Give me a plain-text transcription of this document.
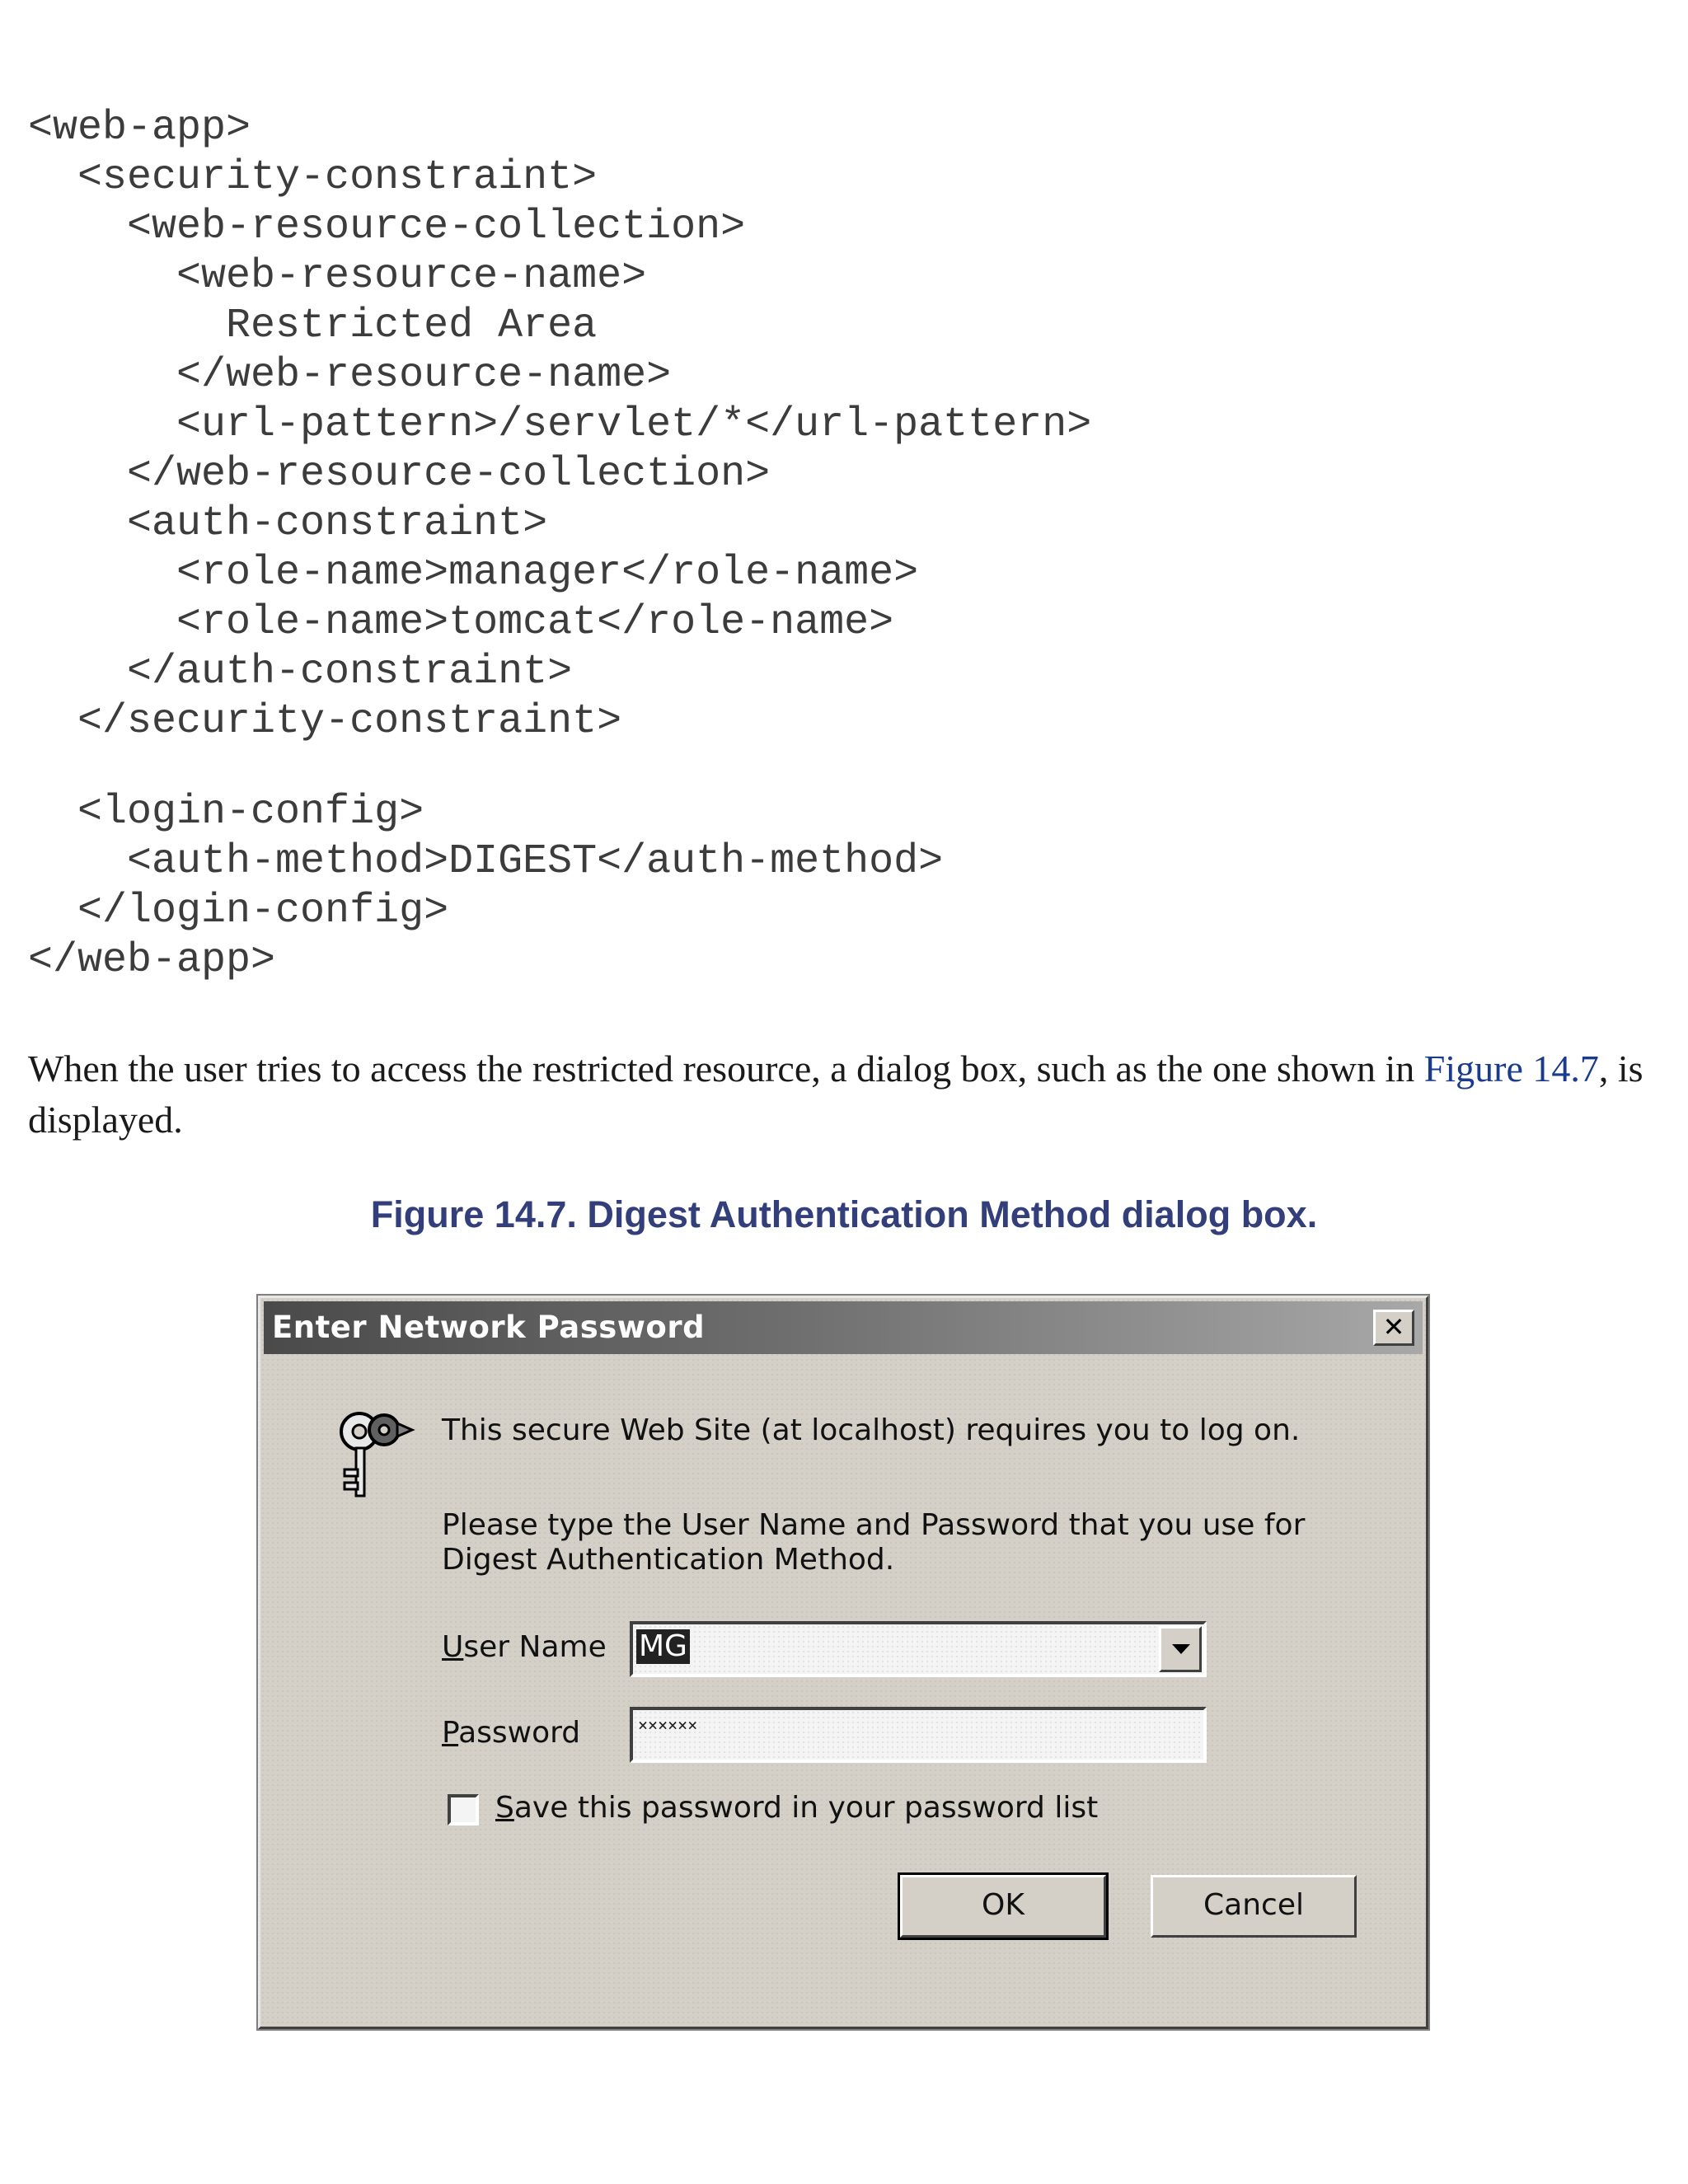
<web-app>
<security-constraint>
<web-resource-collection>
<web-resource-name>
Restricted Area
</web-resource-name>
<url-pattern>/servlet/*</url-pattern>
</web-resource-collection>
<auth-constraint>
<role-name>manager</role-name>
<role-name>tomcat</role-name>
</auth-constraint>
</security-constraint>
<login-config>
<auth-method>DIGEST</auth-method>
</login-config>
</web-app>

When the user tries to access the restricted resource, a dialog box, such as the one shown in Figure 14.7, is displayed.

Figure 14.7. Digest Authentication Method dialog box.

Enter Network Password	✕
This secure Web Site (at localhost) requires you to log on.
Please type the User Name and Password that you use for Digest Authentication Method.
User Name MG
Password	××××××
Save this password in your password list
OK	Cancel
